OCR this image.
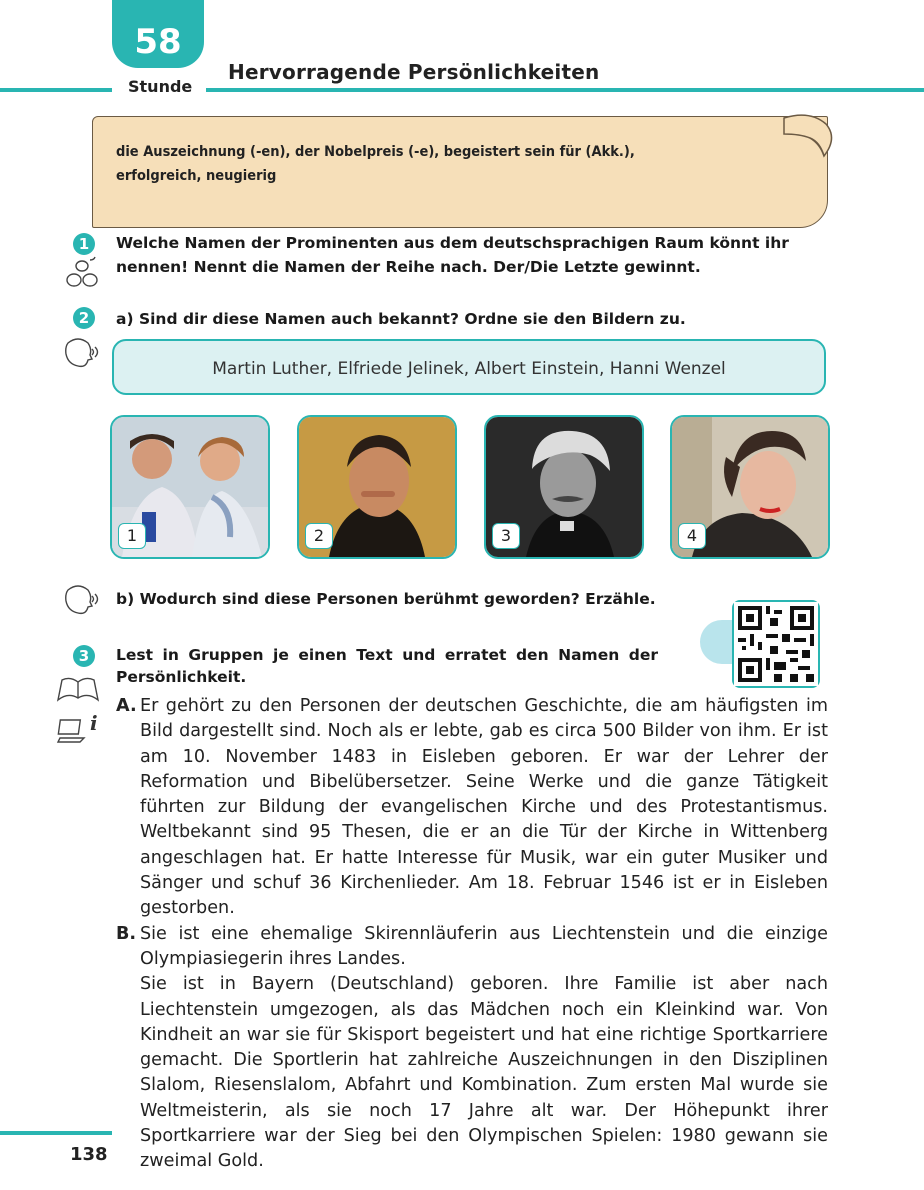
58
Stunde
Hervorragende Persönlichkeiten
die Auszeichnung (-en), der Nobelpreis (-e), begeistert sein für (Akk.),
erfolgreich, neugierig
1	Welche Namen der Prominenten aus dem deutschsprachigen Raum könnt ihr nennen! Nennt die Namen der Reihe nach. Der/Die Letzte gewinnt.
2	a) Sind dir diese Namen auch bekannt? Ordne sie den Bildern zu.
Martin Luther, Elfriede Jelinek, Albert Einstein, Hanni Wenzel
1	2	3	4
b) Wodurch sind diese Personen berühmt geworden? Erzähle.
3	Lest in Gruppen je einen Text und erratet den Namen der Persönlichkeit.
i

A. Er gehört zu den Personen der deutschen Geschichte, die am häufigsten im Bild dargestellt sind. Noch als er lebte, gab es circa 500 Bilder von ihm. Er ist am 10. November 1483 in Eisleben geboren. Er war der Lehrer der Reformation und Bibelübersetzer. Seine Werke und die ganze Tätigkeit führten zur Bildung der evangelischen Kirche und des Protestantismus. Weltbekannt sind 95 Thesen, die er an die Tür der Kirche in Wittenberg angeschlagen hat. Er hatte Interesse für Musik, war ein guter Musiker und Sänger und schuf 36 Kirchenlieder. Am 18. Februar 1546 ist er in Eisleben gestorben.

B. Sie ist eine ehemalige Skirennläuferin aus Liechtenstein und die einzige Olympiasiegerin ihres Landes.

Sie ist in Bayern (Deutschland) geboren. Ihre Familie ist aber nach Liechtenstein umgezogen, als das Mädchen noch ein Kleinkind war. Von Kindheit an war sie für Skisport begeistert und hat eine richtige Sportkarriere gemacht. Die Sportlerin hat zahlreiche Auszeichnungen in den Disziplinen Slalom, Riesenslalom, Abfahrt und Kombination. Zum ersten Mal wurde sie Weltmeisterin, als sie noch 17 Jahre alt war. Der Höhepunkt ihrer Sportkarriere war der Sieg bei den Olympischen Spielen: 1980 gewann sie zweimal Gold.

138
